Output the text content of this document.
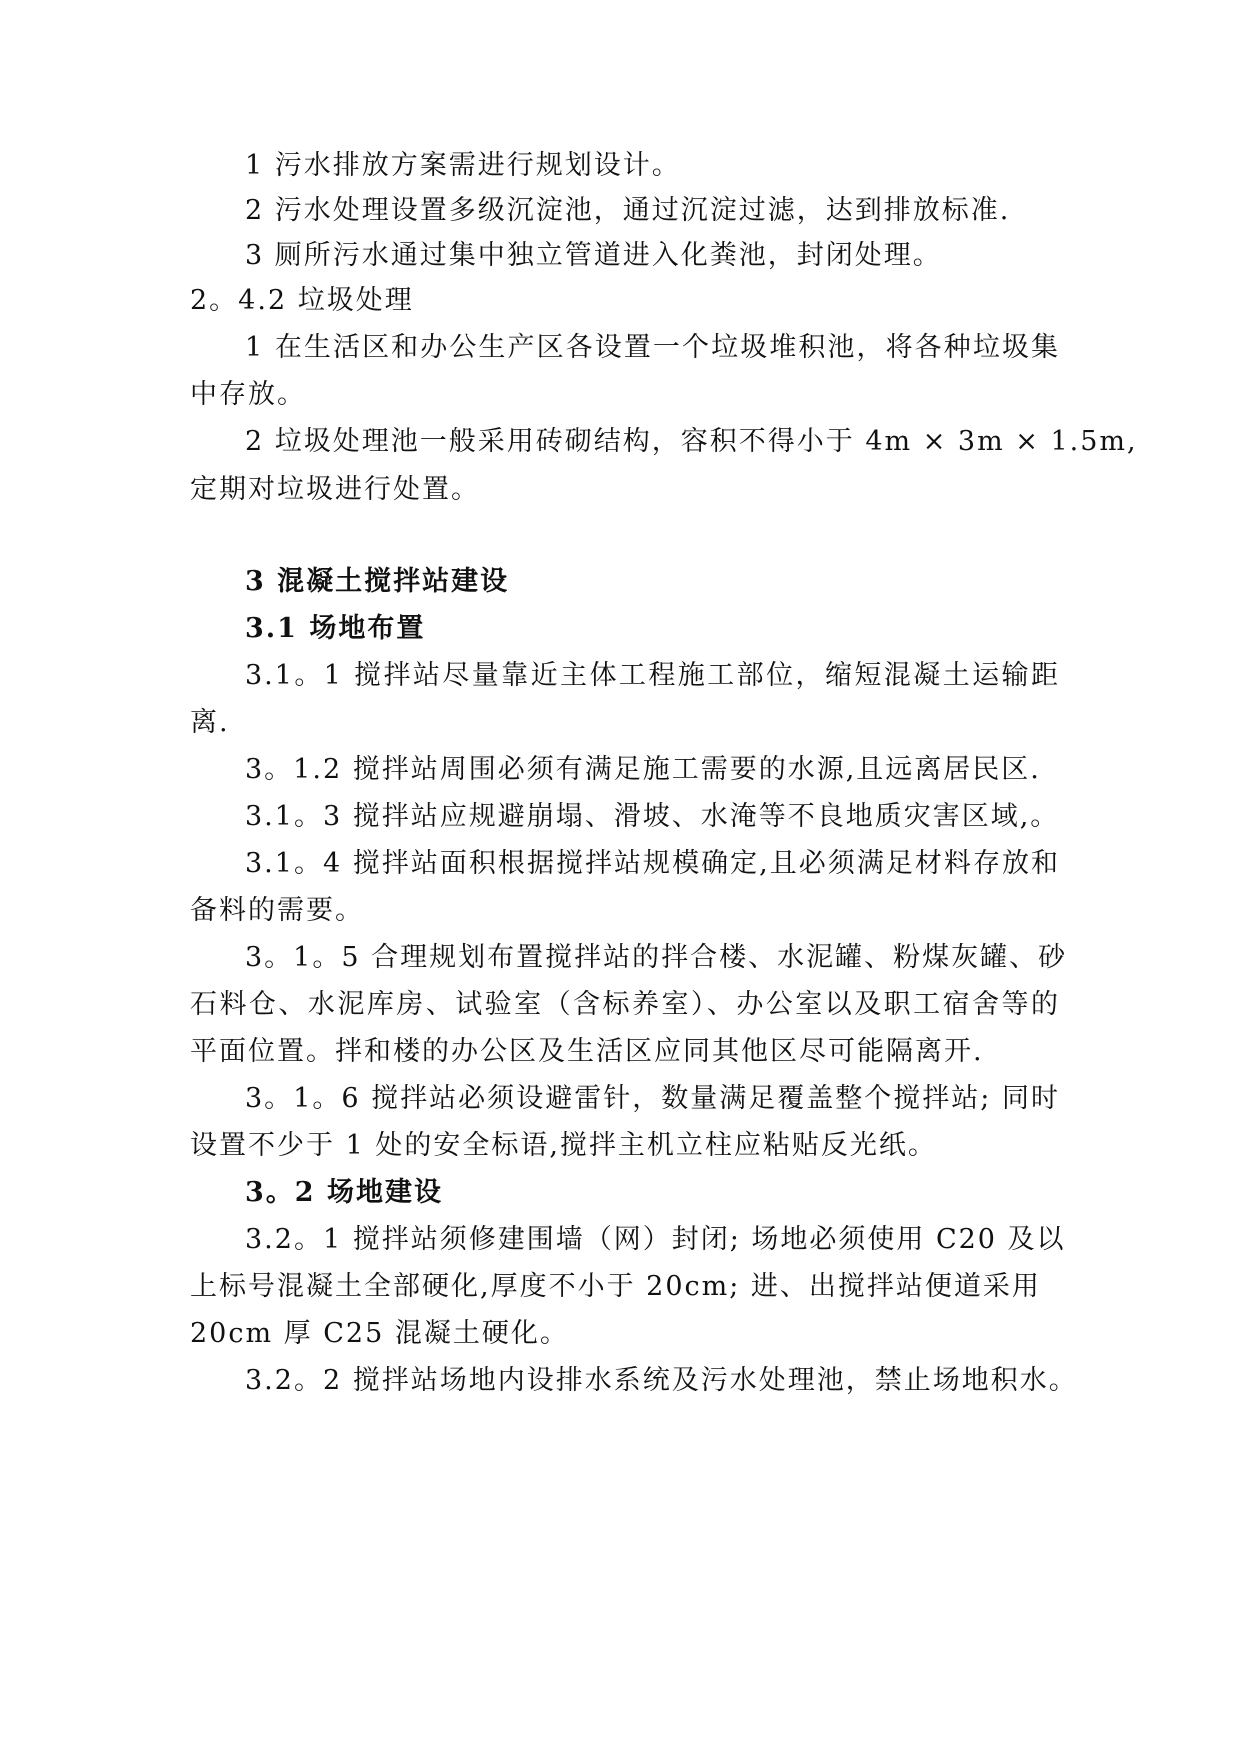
1 污水排放方案需进行规划设计。
2 污水处理设置多级沉淀池，通过沉淀过滤，达到排放标准.
3 厕所污水通过集中独立管道进入化粪池，封闭处理。
2。4.2 垃圾处理
1 在生活区和办公生产区各设置一个垃圾堆积池，将各种垃圾集
中存放。
2 垃圾处理池一般采用砖砌结构，容积不得小于 4m × 3m × 1.5m,
定期对垃圾进行处置。
3 混凝土搅拌站建设
3.1 场地布置
3.1。1 搅拌站尽量靠近主体工程施工部位，缩短混凝土运输距
离.
3。1.2 搅拌站周围必须有满足施工需要的水源,且远离居民区.
3.1。3 搅拌站应规避崩塌、滑坡、水淹等不良地质灾害区域,。
3.1。4 搅拌站面积根据搅拌站规模确定,且必须满足材料存放和
备料的需要。
3。1。5 合理规划布置搅拌站的拌合楼、水泥罐、粉煤灰罐、砂
石料仓、水泥库房、试验室（含标养室）、办公室以及职工宿舍等的
平面位置。拌和楼的办公区及生活区应同其他区尽可能隔离开.
3。1。6 搅拌站必须设避雷针，数量满足覆盖整个搅拌站; 同时
设置不少于 1 处的安全标语,搅拌主机立柱应粘贴反光纸。
3。2 场地建设
3.2。1 搅拌站须修建围墙（网）封闭; 场地必须使用 C20 及以
上标号混凝土全部硬化,厚度不小于 20cm; 进、出搅拌站便道采用
20cm 厚 C25 混凝土硬化。
3.2。2 搅拌站场地内设排水系统及污水处理池，禁止场地积水。
